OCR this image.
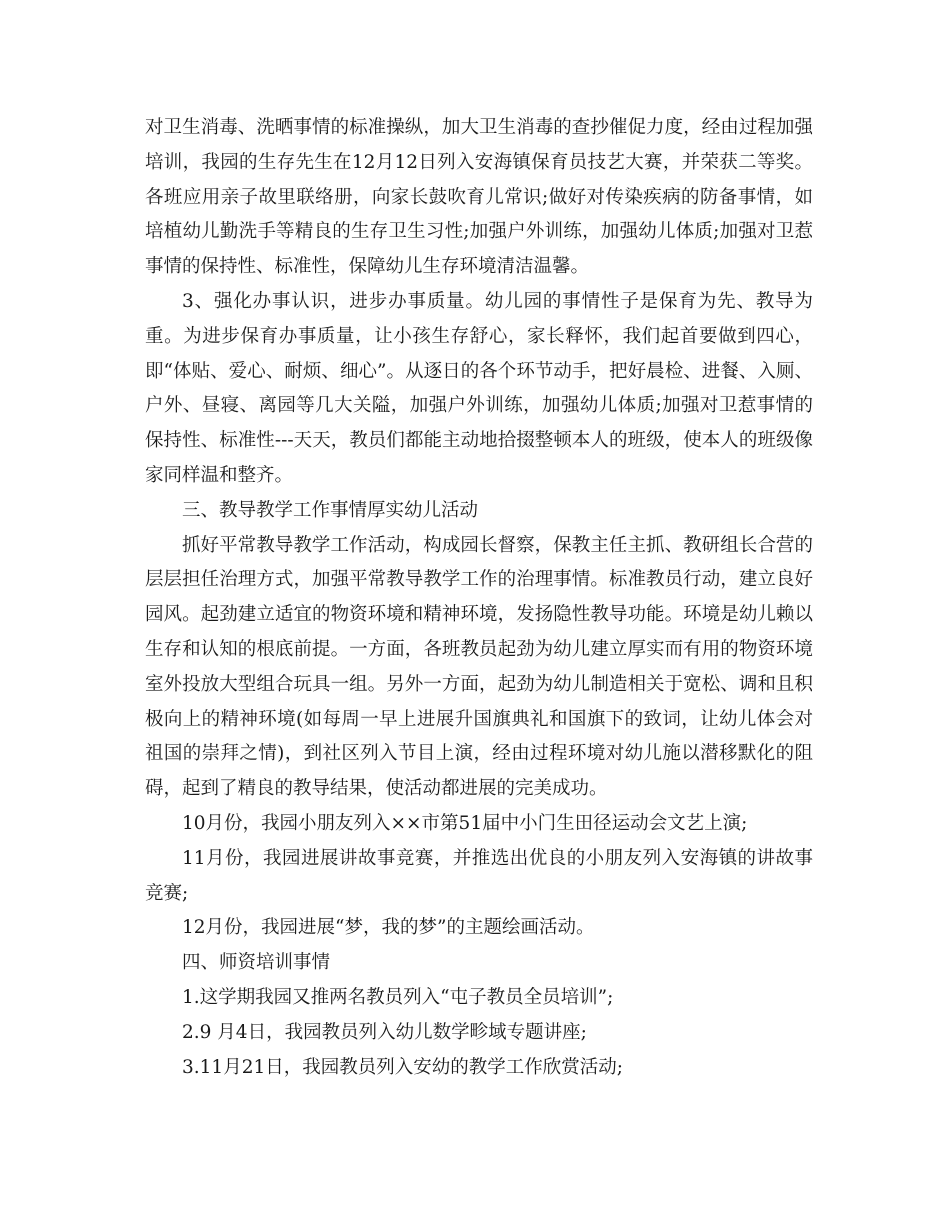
对卫生消毒、洗晒事情的标准操纵，加大卫生消毒的查抄催促力度，经由过程加强培训，我园的生存先生在12月12日列入安海镇保育员技艺大赛，并荣获二等奖。各班应用亲子故里联络册，向家长鼓吹育儿常识;做好对传染疾病的防备事情，如培植幼儿勤洗手等精良的生存卫生习性;加强户外训练，加强幼儿体质;加强对卫惹事情的保持性、标准性，保障幼儿生存环境清洁温馨。

3、强化办事认识，进步办事质量。幼儿园的事情性子是保育为先、教导为重。为进步保育办事质量，让小孩生存舒心，家长释怀，我们起首要做到四心，即“体贴、爱心、耐烦、细心”。从逐日的各个环节动手，把好晨检、进餐、入厕、户外、昼寝、离园等几大关隘，加强户外训练，加强幼儿体质;加强对卫惹事情的保持性、标准性---天天，教员们都能主动地拾掇整顿本人的班级，使本人的班级像家同样温和整齐。

三、教导教学工作事情厚实幼儿活动

抓好平常教导教学工作活动，构成园长督察，保教主任主抓、教研组长合营的层层担任治理方式，加强平常教导教学工作的治理事情。标准教员行动，建立良好园风。起劲建立适宜的物资环境和精神环境，发扬隐性教导功能。环境是幼儿赖以生存和认知的根底前提。一方面，各班教员起劲为幼儿建立厚实而有用的物资环境室外投放大型组合玩具一组。另外一方面，起劲为幼儿制造相关于宽松、调和且积极向上的精神环境(如每周一早上进展升国旗典礼和国旗下的致词，让幼儿体会对祖国的崇拜之情)，到社区列入节目上演，经由过程环境对幼儿施以潜移默化的阻碍，起到了精良的教导结果，使活动都进展的完美成功。

10月份，我园小朋友列入××市第51届中小门生田径运动会文艺上演;

11月份，我园进展讲故事竞赛，并推选出优良的小朋友列入安海镇的讲故事竞赛;

12月份，我园进展“梦，我的梦”的主题绘画活动。

四、师资培训事情

1.这学期我园又推两名教员列入“屯子教员全员培训”;

2.9 月4日，我园教员列入幼儿数学畛域专题讲座;

3.11月21日，我园教员列入安幼的教学工作欣赏活动;
